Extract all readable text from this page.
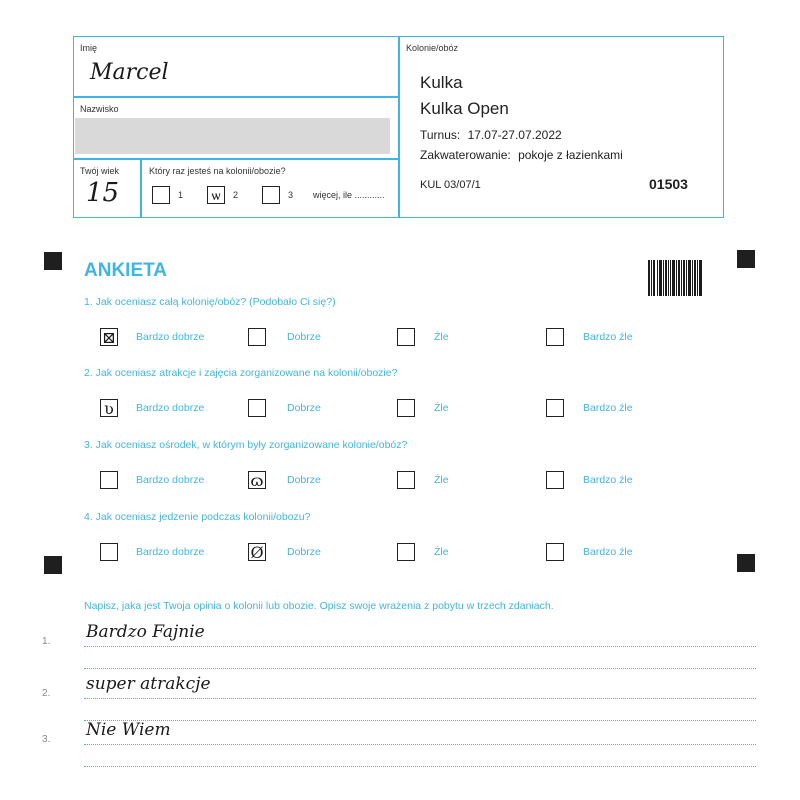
Imię
Marcel
Nazwisko
Twój wiek
15
Który raz jesteś na kolonii/obozie?
1 ѡ	2	3 więcej, ile ............
Kolonie/obóz
Kulka
Kulka Open
Turnus: 17.07-27.07.2022
Zakwaterowanie: pokoje z łazienkami
KUL 03/07/1	01503
ANKIETA
1. Jak oceniasz całą kolonię/obóz? (Podobało Ci się?)
⊠ Bardzo dobrze	Dobrze	Źle	Bardzo źle
2. Jak oceniasz atrakcje i zajęcia zorganizowane na kolonii/obozie?
ʋ Bardzo dobrze	Dobrze	Źle	Bardzo źle
3. Jak oceniasz ośrodek, w którym były zorganizowane kolonie/obóz?
Bardzo dobrze	ɷ Dobrze	Źle	Bardzo źle
4. Jak oceniasz jedzenie podczas kolonii/obozu?
Bardzo dobrze	Ø Dobrze	Źle	Bardzo źle
Napisz, jaka jest Twoja opinia o kolonii lub obozie. Opisz swoje wrażenia z pobytu w trzech zdaniach.
1. Bardzo Fajnie
2. super atrakcje
3. Nie Wiem
